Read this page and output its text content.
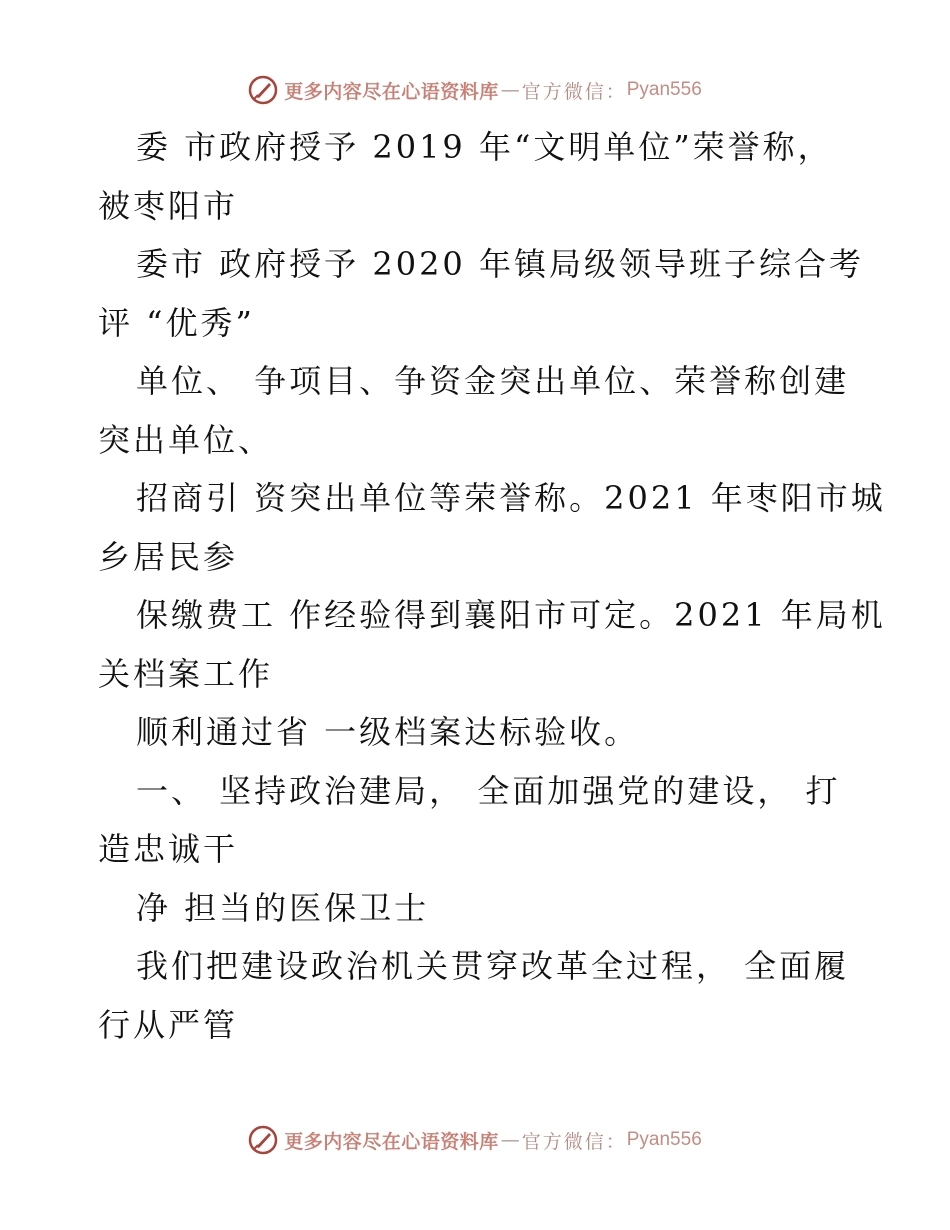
更多内容尽在心语资料库 — 官方微信： Pyan556
委 市政府授予 2019 年“文明单位”荣誉称，
被枣阳市
委市 政府授予 2020 年镇局级领导班子综合考
评 “优秀”
单位、 争项目、争资金突出单位、荣誉称创建
突出单位、
招商引 资突出单位等荣誉称。2021 年枣阳市城
乡居民参
保缴费工 作经验得到襄阳市可定。2021 年局机
关档案工作
顺利通过省 一级档案达标验收。
一、 坚持政治建局， 全面加强党的建设， 打
造忠诚干
净 担当的医保卫士
我们把建设政治机关贯穿改革全过程， 全面履
行从严管
更多内容尽在心语资料库 — 官方微信： Pyan556
